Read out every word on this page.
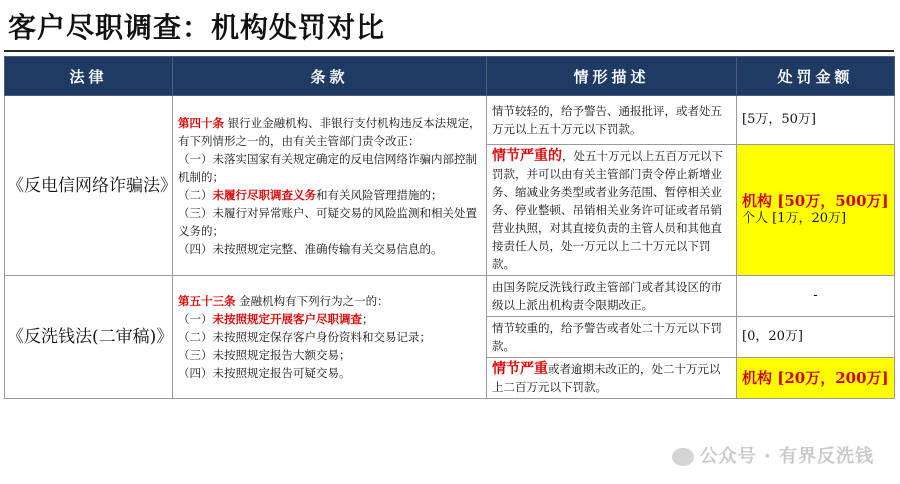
客户尽职调查：机构处罚对比
法律	条款	情形描述	处罚金额
《反电信网络诈骗法》	第四十条 银行业金融机构、非银行支付机构违反本法规定，有下列情形之一的，由有关主管部门责令改正：

（一）未落实国家有关规定确定的反电信网络诈骗内部控制机制的；

（二）未履行尽职调查义务和有关风险管理措施的；

（三）未履行对异常账户、可疑交易的风险监测和相关处置义务的；

（四）未按照规定完整、准确传输有关交易信息的。	情节较轻的，给予警告、通报批评，或者处五万元以上五十万元以下罚款。	[5万，50万]
		情节严重的，处五十万元以上五百万元以下罚款，并可以由有关主管部门责令停止新增业务、缩减业务类型或者业务范围、暂停相关业务、停业整顿、吊销相关业务许可证或者吊销营业执照，对其直接负责的主管人员和其他直接责任人员，处一万元以上二十万元以下罚款。	机构 [50万，500万]
个人 [1万，20万]

《反洗钱法(二审稿)》	第五十三条 金融机构有下列行为之一的：

（一）未按照规定开展客户尽职调查；

（二）未按照规定保存客户身份资料和交易记录；

（三）未按照规定报告大额交易；

（四）未按照规定报告可疑交易。	由国务院反洗钱行政主管部门或者其设区的市级以上派出机构责令限期改正。	-
		情节较重的，给予警告或者处二十万元以下罚款。	[0，20万]
		情节严重或者逾期未改正的，处二十万元以上二百万元以下罚款。	机构 [20万，200万]
公众号 · 有界反洗钱
